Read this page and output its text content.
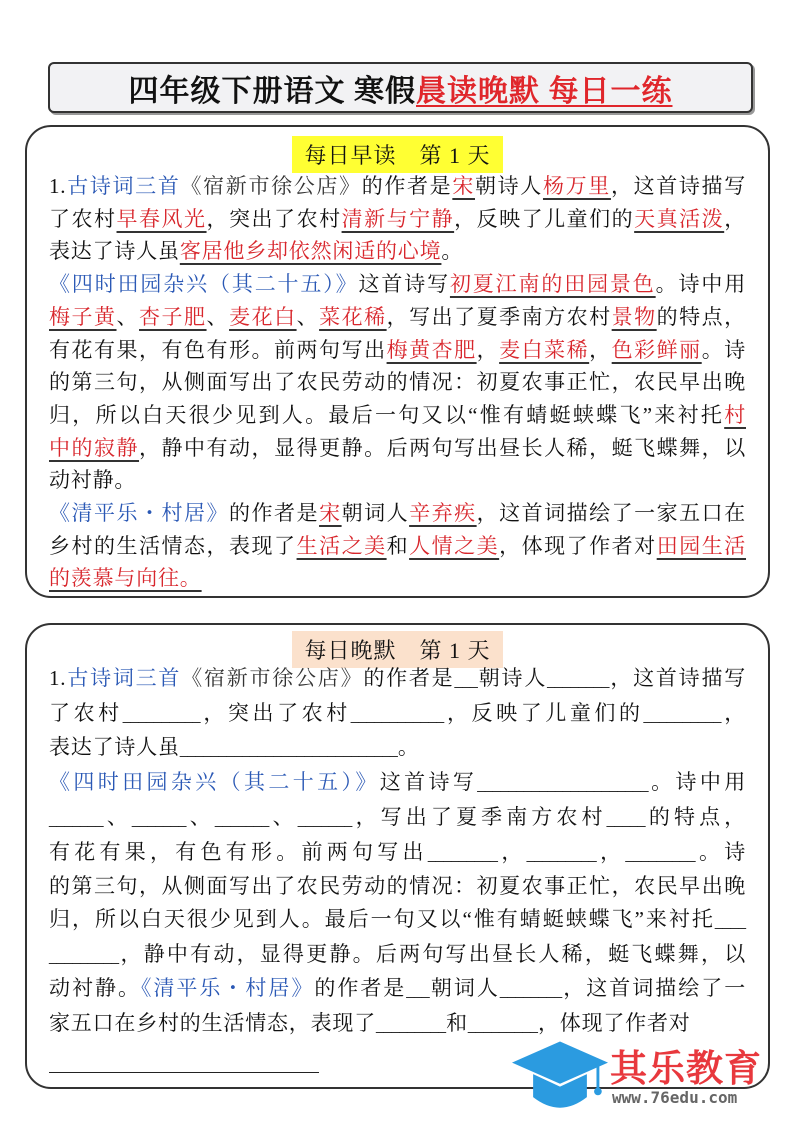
四年级下册语文 寒假 晨读晚默 每日一练
每日早读　第 1 天
1.古诗词三首《宿新市徐公店》的作者是宋朝诗人杨万里，这首诗描写
了农村早春风光，突出了农村清新与宁静，反映了儿童们的天真活泼，
表达了诗人虽客居他乡却依然闲适的心境。
《四时田园杂兴（其二十五）》这首诗写初夏江南的田园景色。诗中用
梅子黄、杏子肥、麦花白、菜花稀，写出了夏季南方农村景物的特点，
有花有果，有色有形。前两句写出梅黄杏肥，麦白菜稀，色彩鲜丽。诗
的第三句，从侧面写出了农民劳动的情况：初夏农事正忙，农民早出晚
归，所以白天很少见到人。最后一句又以“惟有蜻蜓蛱蝶飞”来衬托村
中的寂静，静中有动，显得更静。后两句写出昼长人稀，蜓飞蝶舞，以
动衬静。
《清平乐・村居》的作者是宋朝词人辛弃疾，这首词描绘了一家五口在
乡村的生活情态，表现了生活之美和人情之美，体现了作者对田园生活
的羡慕与向往。
每日晚默　第 1 天
1.古诗词三首《宿新市徐公店》的作者是___朝诗人________，这首诗描写
了农村__________，突出了农村____________，反映了儿童们的__________，
表达了诗人虽____________________________。
《四时田园杂兴（其二十五）》这首诗写______________________。诗中用
_______、_______、_______、_______，写出了夏季南方农村_____的特点，
有花有果，有色有形。前两句写出_________，_________，_________。诗
的第三句，从侧面写出了农民劳动的情况：初夏农事正忙，农民早出晚
归，所以白天很少见到人。最后一句又以“惟有蜻蜓蛱蝶飞”来衬托____
_________，静中有动，显得更静。后两句写出昼长人稀，蜓飞蝶舞，以
动衬静。《清平乐・村居》的作者是___朝词人________，这首词描绘了一
家五口在乡村的生活情态，表现了_________和_________，体现了作者对
其乐教育
www.76edu.com
